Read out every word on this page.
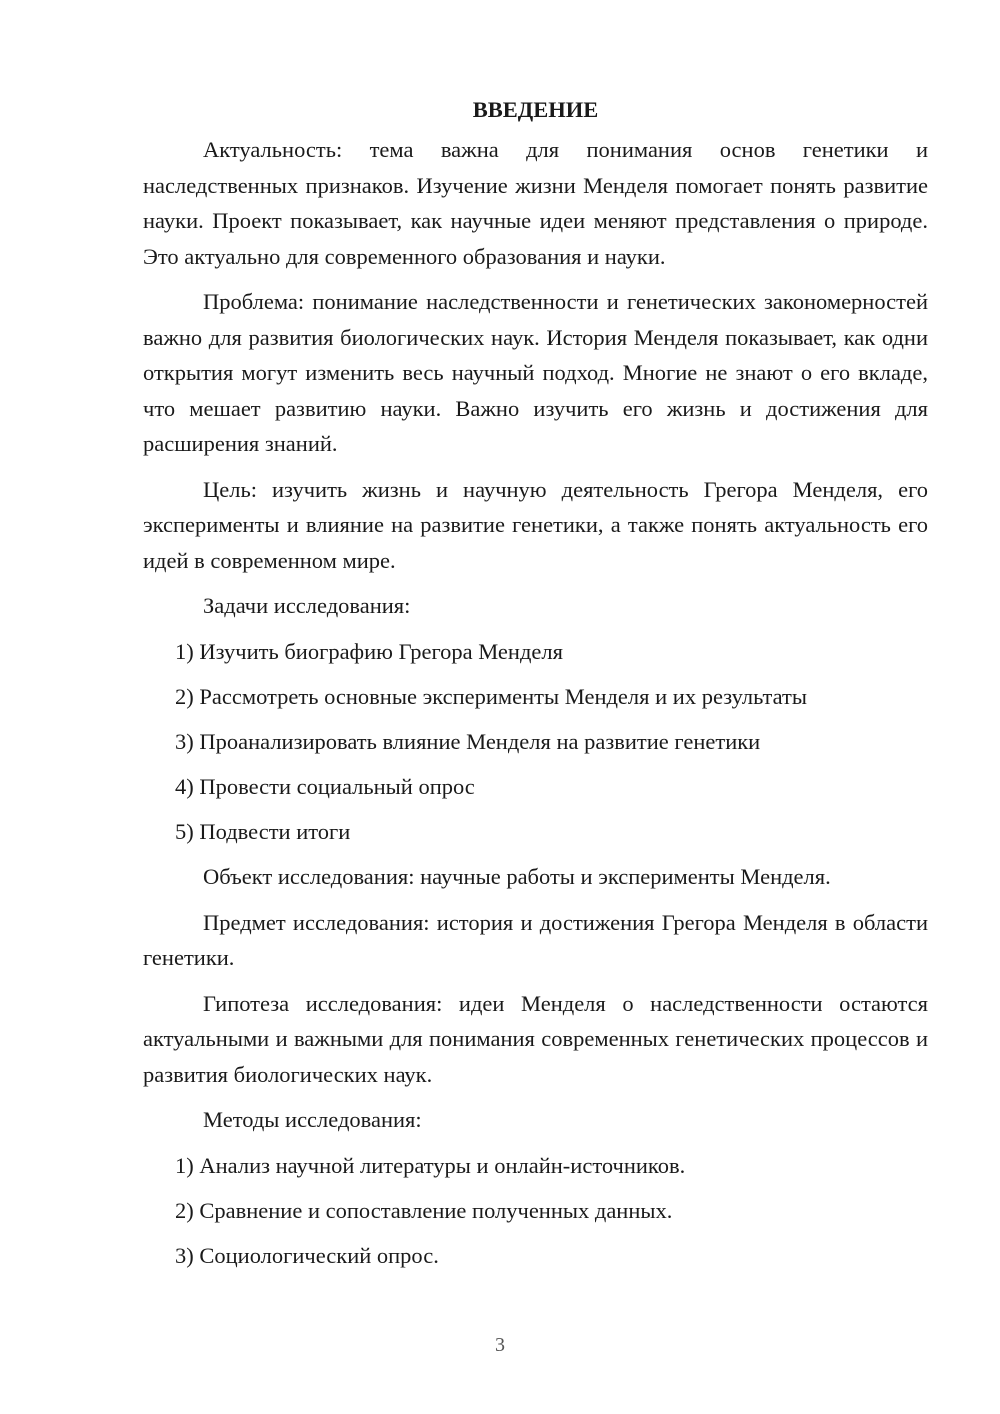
ВВЕДЕНИЕ

Актуальность: тема важна для понимания основ генетики и наследственных признаков. Изучение жизни Менделя помогает понять развитие науки. Проект показывает, как научные идеи меняют представления о природе. Это актуально для современного образования и науки.

Проблема: понимание наследственности и генетических закономерностей важно для развития биологических наук. История Менделя показывает, как одни открытия могут изменить весь научный подход. Многие не знают о его вкладе, что мешает развитию науки. Важно изучить его жизнь и достижения для расширения знаний.

Цель: изучить жизнь и научную деятельность Грегора Менделя, его эксперименты и влияние на развитие генетики, а также понять актуальность его идей в современном мире.

Задачи исследования:

1) Изучить биографию Грегора Менделя
2) Рассмотреть основные эксперименты Менделя и их результаты
3) Проанализировать влияние Менделя на развитие генетики
4) Провести социальный опрос
5) Подвести итоги

Объект исследования: научные работы и эксперименты Менделя.

Предмет исследования: история и достижения Грегора Менделя в области генетики.

Гипотеза исследования: идеи Менделя о наследственности остаются актуальными и важными для понимания современных генетических процессов и развития биологических наук.

Методы исследования:

1) Анализ научной литературы и онлайн-источников.
2) Сравнение и сопоставление полученных данных.
3) Социологический опрос.
3
